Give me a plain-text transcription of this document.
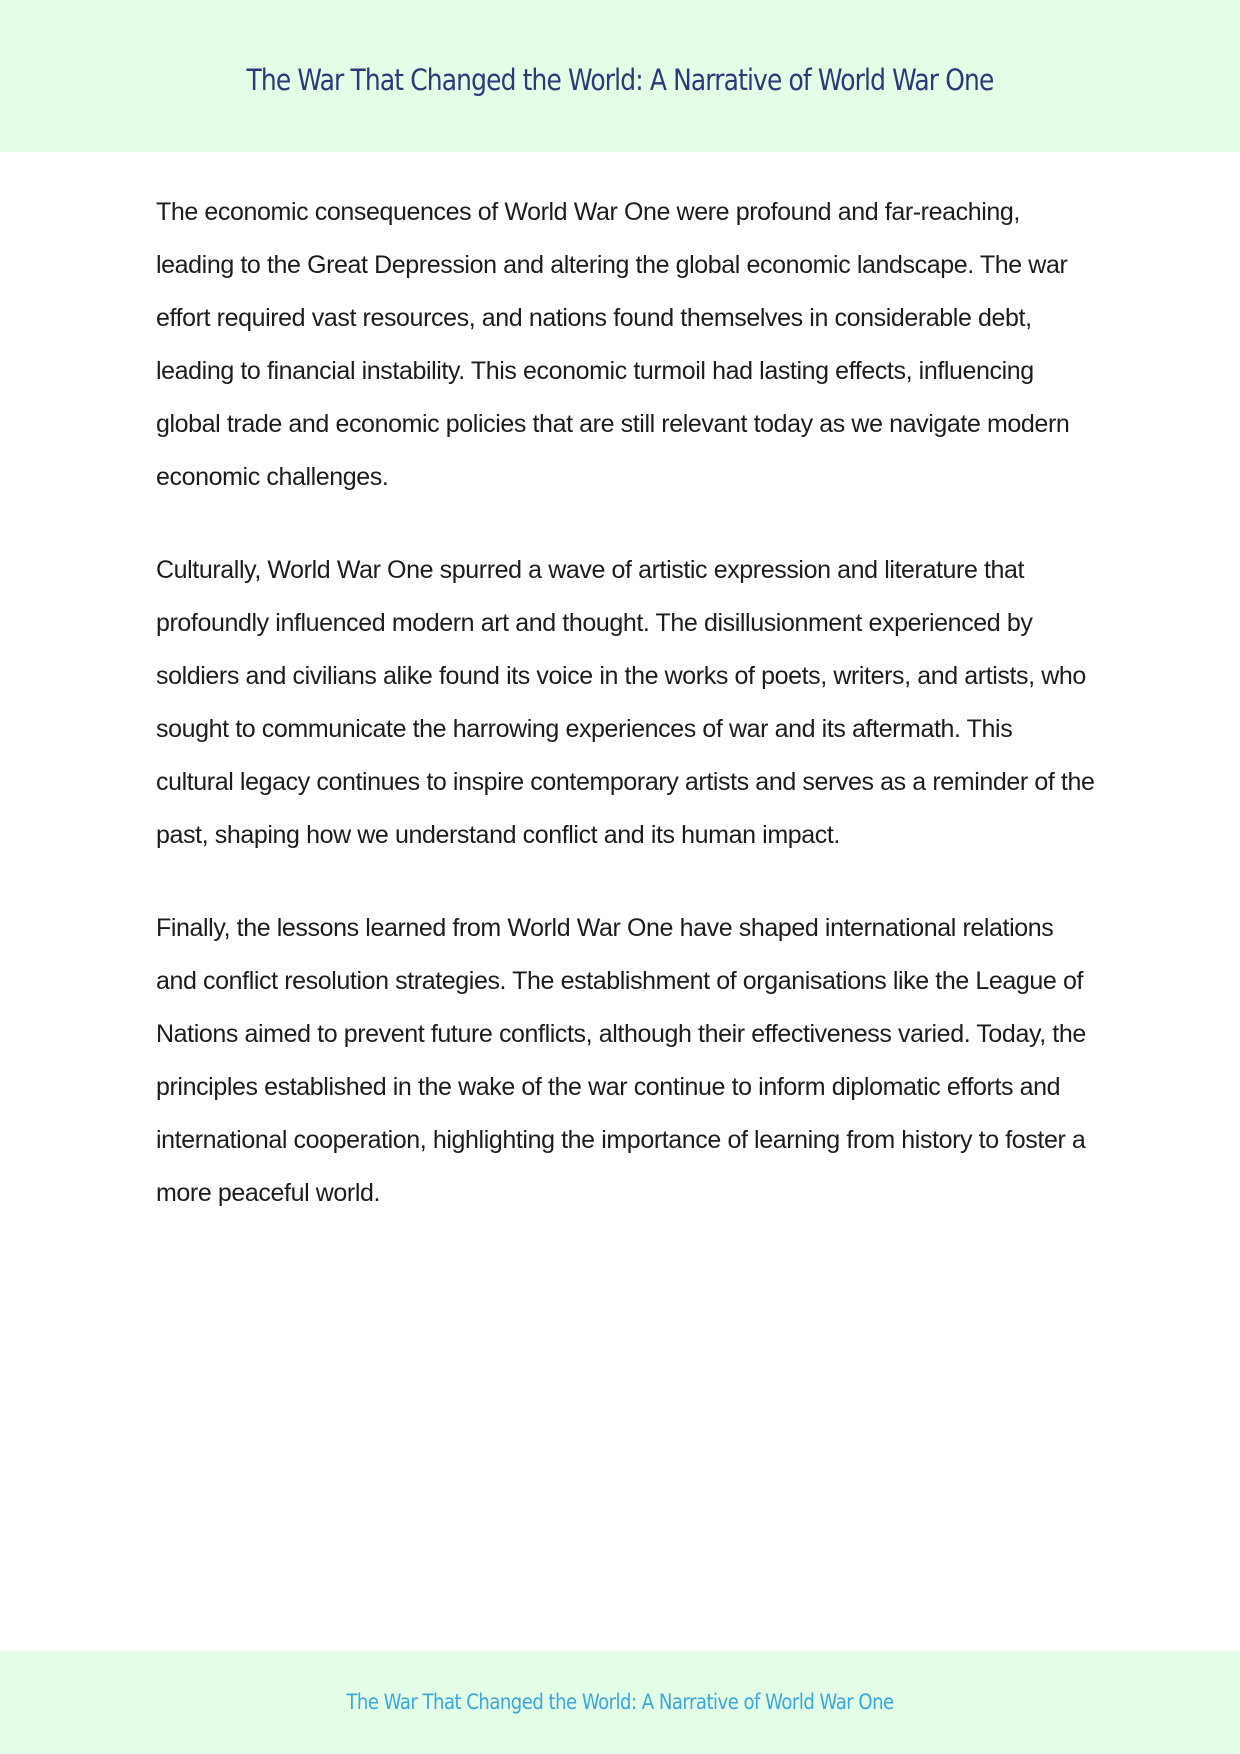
The War That Changed the World: A Narrative of World War One

The economic consequences of World War One were profound and far-reaching, leading to the Great Depression and altering the global economic landscape. The war effort required vast resources, and nations found themselves in considerable debt, leading to financial instability. This economic turmoil had lasting effects, influencing global trade and economic policies that are still relevant today as we navigate modern economic challenges.

Culturally, World War One spurred a wave of artistic expression and literature that profoundly influenced modern art and thought. The disillusionment experienced by soldiers and civilians alike found its voice in the works of poets, writers, and artists, who sought to communicate the harrowing experiences of war and its aftermath. This cultural legacy continues to inspire contemporary artists and serves as a reminder of the past, shaping how we understand conflict and its human impact.

Finally, the lessons learned from World War One have shaped international relations and conflict resolution strategies. The establishment of organisations like the League of Nations aimed to prevent future conflicts, although their effectiveness varied. Today, the principles established in the wake of the war continue to inform diplomatic efforts and international cooperation, highlighting the importance of learning from history to foster a more peaceful world.

The War That Changed the World: A Narrative of World War One
